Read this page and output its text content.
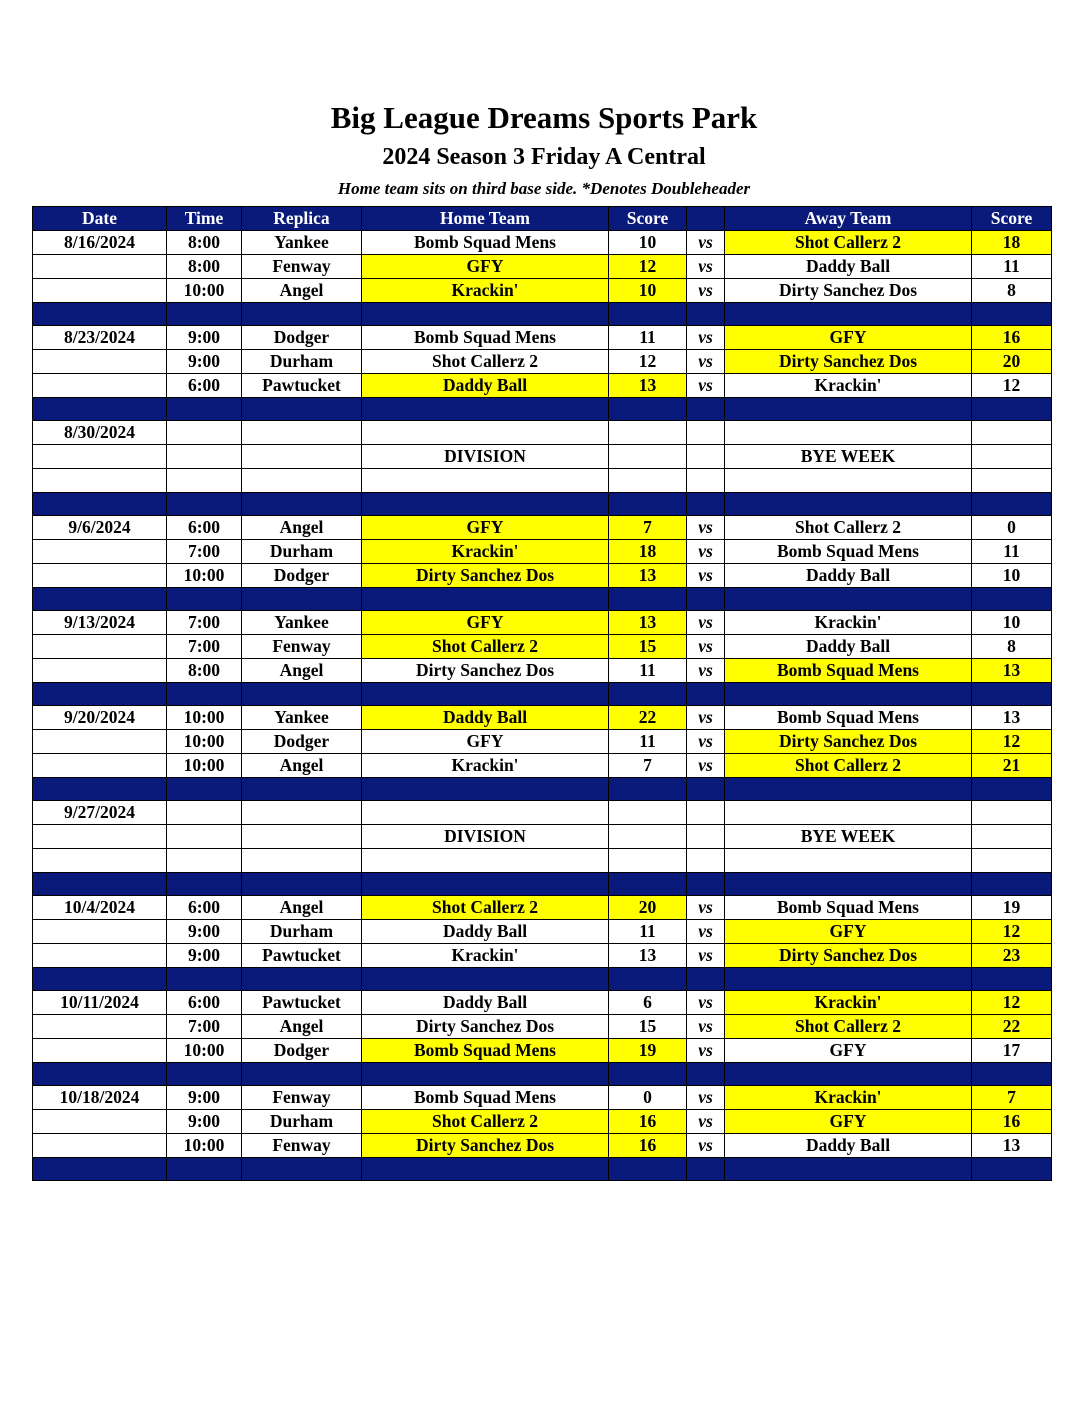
Big League Dreams Sports Park
2024 Season 3 Friday A Central
Home team sits on third base side. *Denotes Doubleheader
Date	Time	Replica	Home Team	Score		Away Team	Score
8/16/2024	8:00	Yankee	Bomb Squad Mens	10	vs	Shot Callerz 2	18
	8:00	Fenway	GFY	12	vs	Daddy Ball	11
	10:00	Angel	Krackin'	10	vs	Dirty Sanchez Dos	8

8/23/2024	9:00	Dodger	Bomb Squad Mens	11	vs	GFY	16
	9:00	Durham	Shot Callerz 2	12	vs	Dirty Sanchez Dos	20
	6:00	Pawtucket	Daddy Ball	13	vs	Krackin'	12

8/30/2024							
			DIVISION			BYE WEEK	

9/6/2024	6:00	Angel	GFY	7	vs	Shot Callerz 2	0
	7:00	Durham	Krackin'	18	vs	Bomb Squad Mens	11
	10:00	Dodger	Dirty Sanchez Dos	13	vs	Daddy Ball	10

9/13/2024	7:00	Yankee	GFY	13	vs	Krackin'	10
	7:00	Fenway	Shot Callerz 2	15	vs	Daddy Ball	8
	8:00	Angel	Dirty Sanchez Dos	11	vs	Bomb Squad Mens	13

9/20/2024	10:00	Yankee	Daddy Ball	22	vs	Bomb Squad Mens	13
	10:00	Dodger	GFY	11	vs	Dirty Sanchez Dos	12
	10:00	Angel	Krackin'	7	vs	Shot Callerz 2	21

9/27/2024							
			DIVISION			BYE WEEK	

10/4/2024	6:00	Angel	Shot Callerz 2	20	vs	Bomb Squad Mens	19
	9:00	Durham	Daddy Ball	11	vs	GFY	12
	9:00	Pawtucket	Krackin'	13	vs	Dirty Sanchez Dos	23

10/11/2024	6:00	Pawtucket	Daddy Ball	6	vs	Krackin'	12
	7:00	Angel	Dirty Sanchez Dos	15	vs	Shot Callerz 2	22
	10:00	Dodger	Bomb Squad Mens	19	vs	GFY	17

10/18/2024	9:00	Fenway	Bomb Squad Mens	0	vs	Krackin'	7
	9:00	Durham	Shot Callerz 2	16	vs	GFY	16
	10:00	Fenway	Dirty Sanchez Dos	16	vs	Daddy Ball	13
